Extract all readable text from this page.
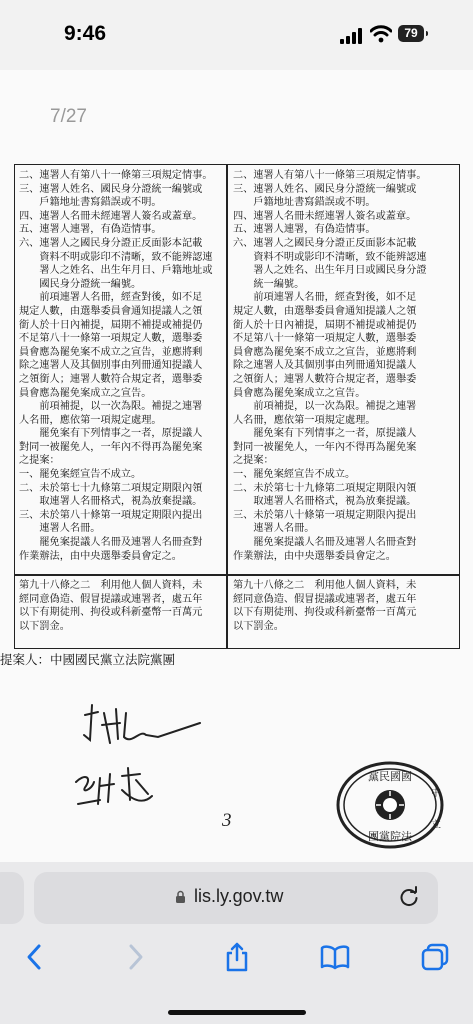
9:46	79
7/27

二、連署人有第八十一條第三項規定情事。

三、連署人姓名、國民身分證統一編號或

　　戶籍地址書寫錯誤或不明。

四、連署人名冊未經連署人簽名或蓋章。

五、連署人連署，有偽造情事。

六、連署人之國民身分證正反面影本記載

　　資料不明或影印不清晰，致不能辨認連

　　署人之姓名、出生年月日、戶籍地址或

　　國民身分證統一編號。

　　前項連署人名冊，經查對後，如不足

規定人數，由選舉委員會通知提議人之領

銜人於十日內補提，屆期不補提或補提仍

不足第八十一條第一項規定人數，選舉委

員會應為罷免案不成立之宣告，並應將剩

除之連署人及其個別事由列冊通知提議人

之領銜人；連署人數符合規定者，選舉委

員會應為罷免案成立之宣告。

　　前項補提，以一次為限。補提之連署

人名冊，應依第一項規定處理。

　　罷免案有下列情事之一者，原提議人

對同一被罷免人，一年內不得再為罷免案

之提案：

一、罷免案經宣告不成立。

二、未於第七十九條第二項規定期限內領

　　取連署人名冊格式，視為放棄提議。

三、未於第八十條第一項規定期限內提出

　　連署人名冊。

　　罷免案提議人名冊及連署人名冊查對

作業辦法，由中央選舉委員會定之。

二、連署人有第八十一條第三項規定情事。

三、連署人姓名、國民身分證統一編號或

　　戶籍地址書寫錯誤或不明。

四、連署人名冊未經連署人簽名或蓋章。

五、連署人連署，有偽造情事。

六、連署人之國民身分證正反面影本記載

　　資料不明或影印不清晰，致不能辨認連

　　署人之姓名、出生年月日或國民身分證

　　統一編號。

　　前項連署人名冊，經查對後，如不足

規定人數，由選舉委員會通知提議人之領

銜人於十日內補提，屆期不補提或補提仍

不足第八十一條第一項規定人數，選舉委

員會應為罷免案不成立之宣告，並應將剩

除之連署人及其個別事由列冊通知提議人

之領銜人；連署人數符合規定者，選舉委

員會應為罷免案成立之宣告。

　　前項補提，以一次為限。補提之連署

人名冊，應依第一項規定處理。

　　罷免案有下列情事之一者，原提議人

對同一被罷免人，一年內不得再為罷免案

之提案：

一、罷免案經宣告不成立。

二、未於第七十九條第二項規定期限內領

　　取連署人名冊格式，視為放棄提議。

三、未於第八十條第一項規定期限內提出

　　連署人名冊。

　　罷免案提議人名冊及連署人名冊查對

作業辦法，由中央選舉委員會定之。

第九十八條之二　利用他人個人資料，未

經同意偽造、假冒提議或連署者，處五年

以下有期徒刑、拘役或科新臺幣一百萬元

以下罰金。

第九十八條之二　利用他人個人資料，未

經同意偽造、假冒提議或連署者，處五年

以下有期徒刑、拘役或科新臺幣一百萬元

以下罰金。

提案人：中國國民黨立法院黨團
3
黨民國國
團黨院法
中
立
lis.ly.gov.tw
